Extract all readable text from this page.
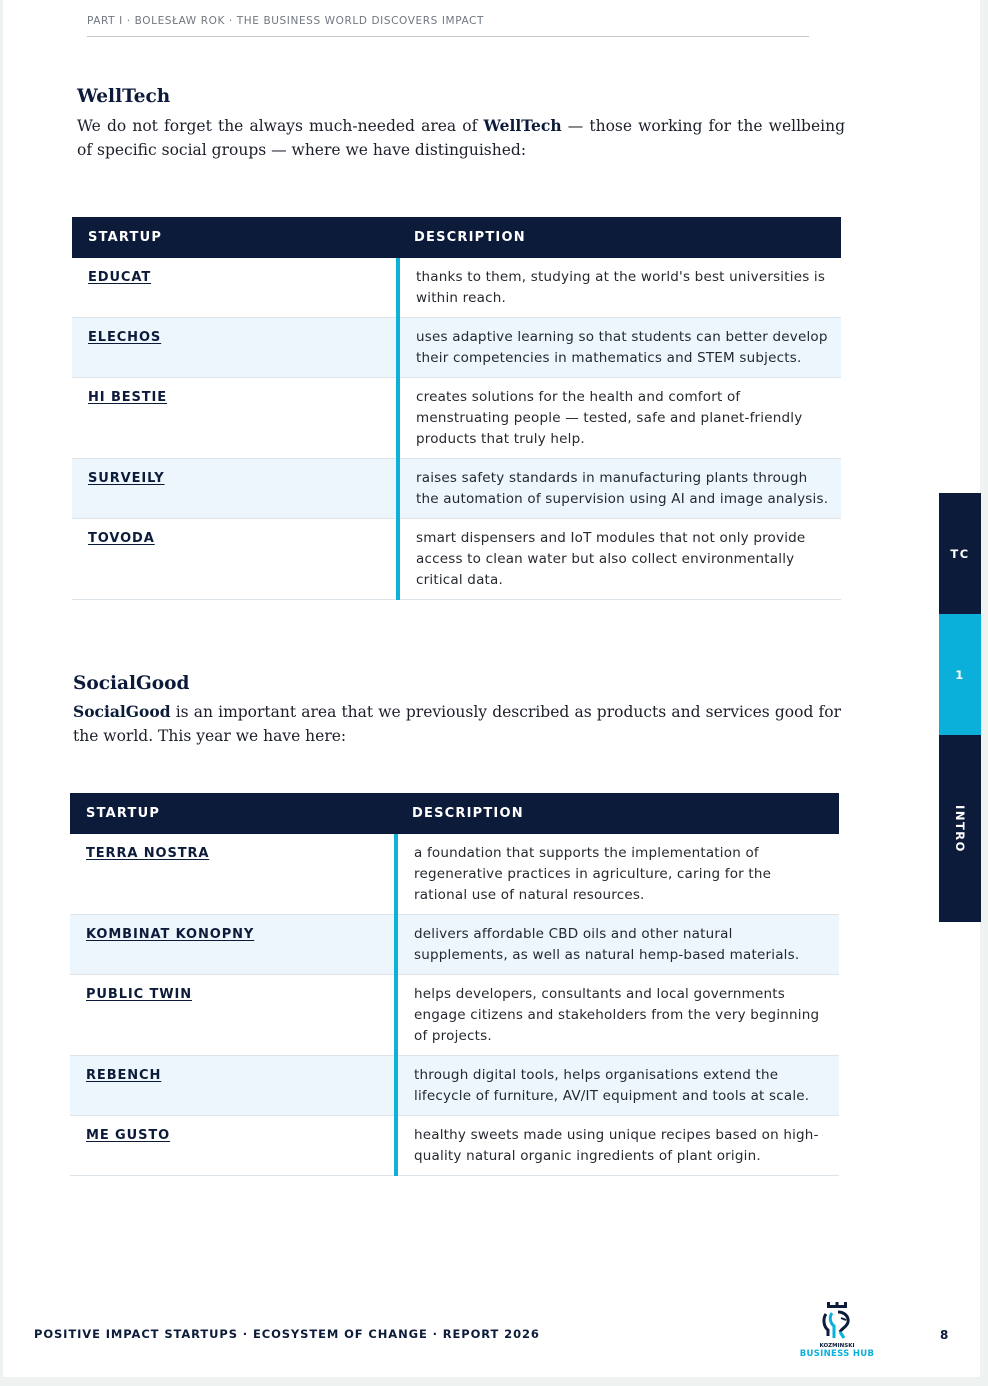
PART I · BOLESŁAW ROK · THE BUSINESS WORLD DISCOVERS IMPACT
WellTech

We do not forget the always much-needed area of WellTech — those working for the wellbeing of specific social groups — where we have distinguished:

STARTUP	DESCRIPTION
EDUCAT	thanks to them, studying at the world's best universities is within reach.
ELECHOS	uses adaptive learning so that students can better develop their competencies in mathematics and STEM subjects.
HI BESTIE	creates solutions for the health and comfort of menstruating people — tested, safe and planet-friendly products that truly help.
SURVEILY	raises safety standards in manufacturing plants through the automation of supervision using AI and image analysis.
TOVODA	smart dispensers and IoT modules that not only provide access to clean water but also collect environmentally critical data.
SocialGood

SocialGood is an important area that we previously described as products and services good for the world. This year we have here:

STARTUP	DESCRIPTION
TERRA NOSTRA	a foundation that supports the implementation of regenerative practices in agriculture, caring for the rational use of natural resources.
KOMBINAT KONOPNY	delivers affordable CBD oils and other natural supplements, as well as natural hemp-based materials.
PUBLIC TWIN	helps developers, consultants and local governments engage citizens and stakeholders from the very beginning of projects.
REBENCH	through digital tools, helps organisations extend the lifecycle of furniture, AV/IT equipment and tools at scale.
ME GUSTO	healthy sweets made using unique recipes based on high-quality natural organic ingredients of plant origin.
TC
1
INTRO
POSITIVE IMPACT STARTUPS · ECOSYSTEM OF CHANGE · REPORT 2026
KOZMINSKI
BUSINESS HUB
8
